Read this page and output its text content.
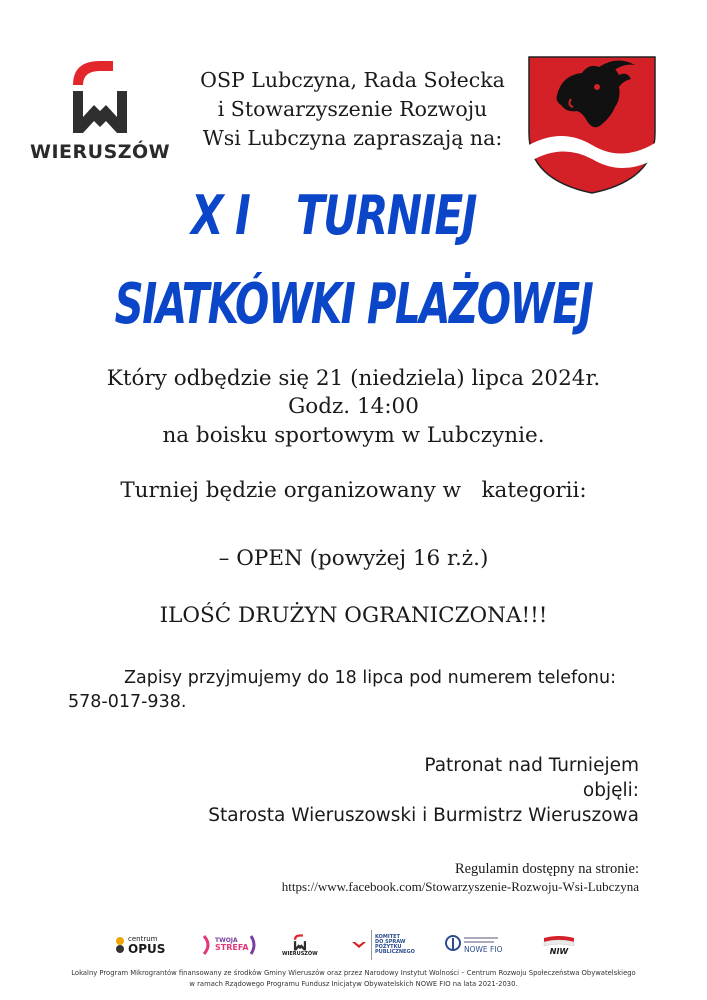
WIERUSZÓW
OSP Lubczyna, Rada Sołecka
i Stowarzyszenie Rozwoju
Wsi Lubczyna zapraszają na:
X I TURNIEJ
SIATKÓWKI PLAŻOWEJ
Który odbędzie się 21 (niedziela) lipca 2024r.
Godz. 14:00
na boisku sportowym w Lubczynie.
Turniej będzie organizowany w   kategorii:
– OPEN (powyżej 16 r.ż.)
ILOŚĆ DRUŻYN OGRANICZONA!!!
Zapisy przyjmujemy do 18 lipca pod numerem telefonu:
578-017-938.
Patronat nad Turniejem
objęli:
Starosta Wieruszowski i Burmistrz Wieruszowa
Regulamin dostępny na stronie:
https://www.facebook.com/Stowarzyszenie-Rozwoju-Wsi-Lubczyna
centrum
OPUS
TWOJA
STREFA
WIERUSZÓW
KOMITET
DO SPRAW
POŻYTKU
PUBLICZNEGO	NOWE FIO	NIW
Lokalny Program Mikrograntów finansowany ze środków Gminy Wieruszów oraz przez Narodowy Instytut Wolności – Centrum Rozwoju Społeczeństwa Obywatelskiego
w ramach Rządowego Programu Fundusz Inicjatyw Obywatelskich NOWE FIO na lata 2021-2030.
